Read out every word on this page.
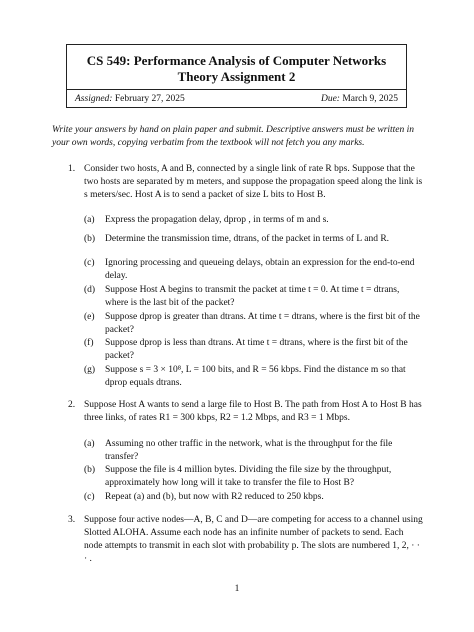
CS 549: Performance Analysis of Computer Networks
Theory Assignment 2
Assigned: February 27, 2025	Due: March 9, 2025
Write your answers by hand on plain paper and submit. Descriptive answers must be written in your own words, copying verbatim from the textbook will not fetch you any marks.
1. Consider two hosts, A and B, connected by a single link of rate R bps. Suppose that the two hosts are separated by m meters, and suppose the propagation speed along the link is s meters/sec. Host A is to send a packet of size L bits to Host B.
(a) Express the propagation delay, dprop , in terms of m and s.
(b) Determine the transmission time, dtrans, of the packet in terms of L and R.
(c) Ignoring processing and queueing delays, obtain an expression for the end-to-end delay.
(d) Suppose Host A begins to transmit the packet at time t = 0. At time t = dtrans, where is the last bit of the packet?
(e) Suppose dprop is greater than dtrans. At time t = dtrans, where is the first bit of the packet?
(f) Suppose dprop is less than dtrans. At time t = dtrans, where is the first bit of the packet?
(g) Suppose s = 3 × 10⁸, L = 100 bits, and R = 56 kbps. Find the distance m so that dprop equals dtrans.
2. Suppose Host A wants to send a large file to Host B. The path from Host A to Host B has three links, of rates R1 = 300 kbps, R2 = 1.2 Mbps, and R3 = 1 Mbps.
(a) Assuming no other traffic in the network, what is the throughput for the file transfer?
(b) Suppose the file is 4 million bytes. Dividing the file size by the throughput, approximately how long will it take to transfer the file to Host B?
(c) Repeat (a) and (b), but now with R2 reduced to 250 kbps.
3. Suppose four active nodes—A, B, C and D—are competing for access to a channel using Slotted ALOHA. Assume each node has an infinite number of packets to send. Each node attempts to transmit in each slot with probability p. The slots are numbered 1, 2, · · · .
1
